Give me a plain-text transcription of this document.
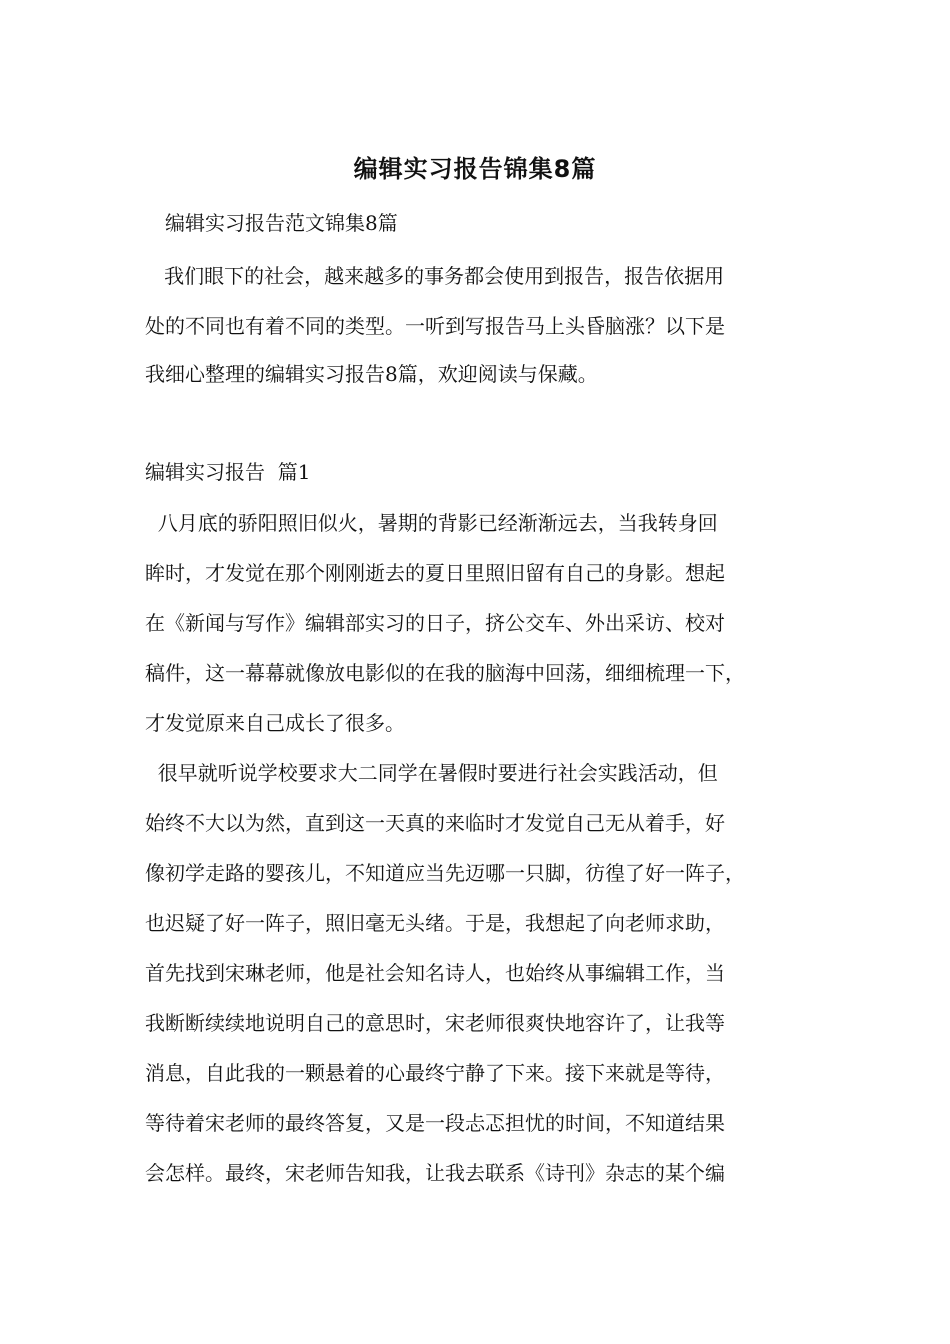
编辑实习报告锦集8篇
编辑实习报告范文锦集8篇
我们眼下的社会，越来越多的事务都会使用到报告，报告依据用
处的不同也有着不同的类型。一听到写报告马上头昏脑涨？以下是
我细心整理的编辑实习报告8篇，欢迎阅读与保藏。
编辑实习报告  篇1
八月底的骄阳照旧似火，暑期的背影已经渐渐远去，当我转身回
眸时，才发觉在那个刚刚逝去的夏日里照旧留有自己的身影。想起
在《新闻与写作》编辑部实习的日子，挤公交车、外出采访、校对
稿件，这一幕幕就像放电影似的在我的脑海中回荡，细细梳理一下，
才发觉原来自己成长了很多。
很早就听说学校要求大二同学在暑假时要进行社会实践活动，但
始终不大以为然，直到这一天真的来临时才发觉自己无从着手，好
像初学走路的婴孩儿，不知道应当先迈哪一只脚，彷徨了好一阵子，
也迟疑了好一阵子，照旧毫无头绪。于是，我想起了向老师求助，
首先找到宋琳老师，他是社会知名诗人，也始终从事编辑工作，当
我断断续续地说明自己的意思时，宋老师很爽快地容许了，让我等
消息，自此我的一颗悬着的心最终宁静了下来。接下来就是等待，
等待着宋老师的最终答复，又是一段忐忑担忧的时间，不知道结果
会怎样。最终，宋老师告知我，让我去联系《诗刊》杂志的某个编
